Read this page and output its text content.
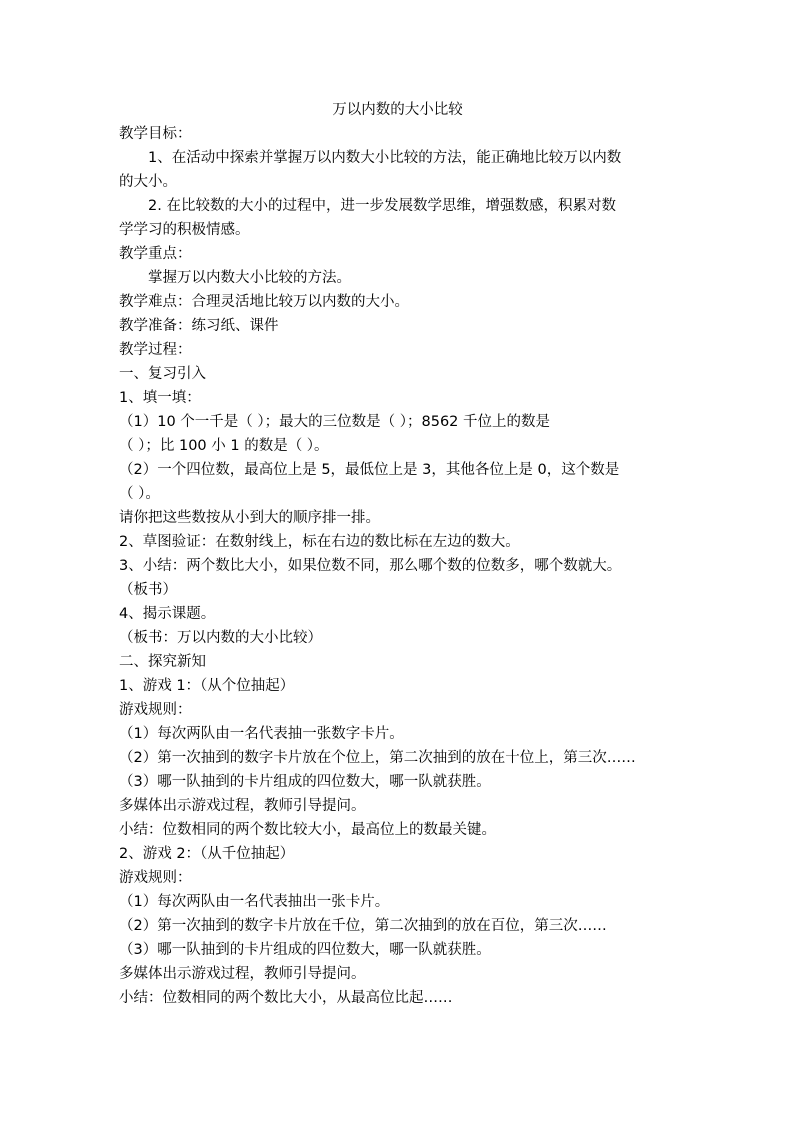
万以内数的大小比较
教学目标：
1、在活动中探索并掌握万以内数大小比较的方法，能正确地比较万以内数
的大小。
2. 在比较数的大小的过程中，进一步发展数学思维，增强数感，积累对数
学学习的积极情感。
教学重点：
掌握万以内数大小比较的方法。
教学难点：合理灵活地比较万以内数的大小。
教学准备：练习纸、课件
教学过程：
一、复习引入
1、填一填：
（1）10 个一千是（ ）；最大的三位数是（ ）；8562 千位上的数是
（ ）；比 100 小 1 的数是（ ）。
（2）一个四位数，最高位上是 5，最低位上是 3，其他各位上是 0，这个数是
（ ）。
请你把这些数按从小到大的顺序排一排。
2、草图验证：在数射线上，标在右边的数比标在左边的数大。
3、小结：两个数比大小，如果位数不同，那么哪个数的位数多，哪个数就大。
（板书）
4、揭示课题。
（板书：万以内数的大小比较）
二、探究新知
1、游戏 1：（从个位抽起）
游戏规则：
（1）每次两队由一名代表抽一张数字卡片。
（2）第一次抽到的数字卡片放在个位上，第二次抽到的放在十位上，第三次……
（3）哪一队抽到的卡片组成的四位数大，哪一队就获胜。
多媒体出示游戏过程，教师引导提问。
小结：位数相同的两个数比较大小，最高位上的数最关键。
2、游戏 2：（从千位抽起）
游戏规则：
（1）每次两队由一名代表抽出一张卡片。
（2）第一次抽到的数字卡片放在千位，第二次抽到的放在百位，第三次……
（3）哪一队抽到的卡片组成的四位数大，哪一队就获胜。
多媒体出示游戏过程，教师引导提问。
小结：位数相同的两个数比大小，从最高位比起……
